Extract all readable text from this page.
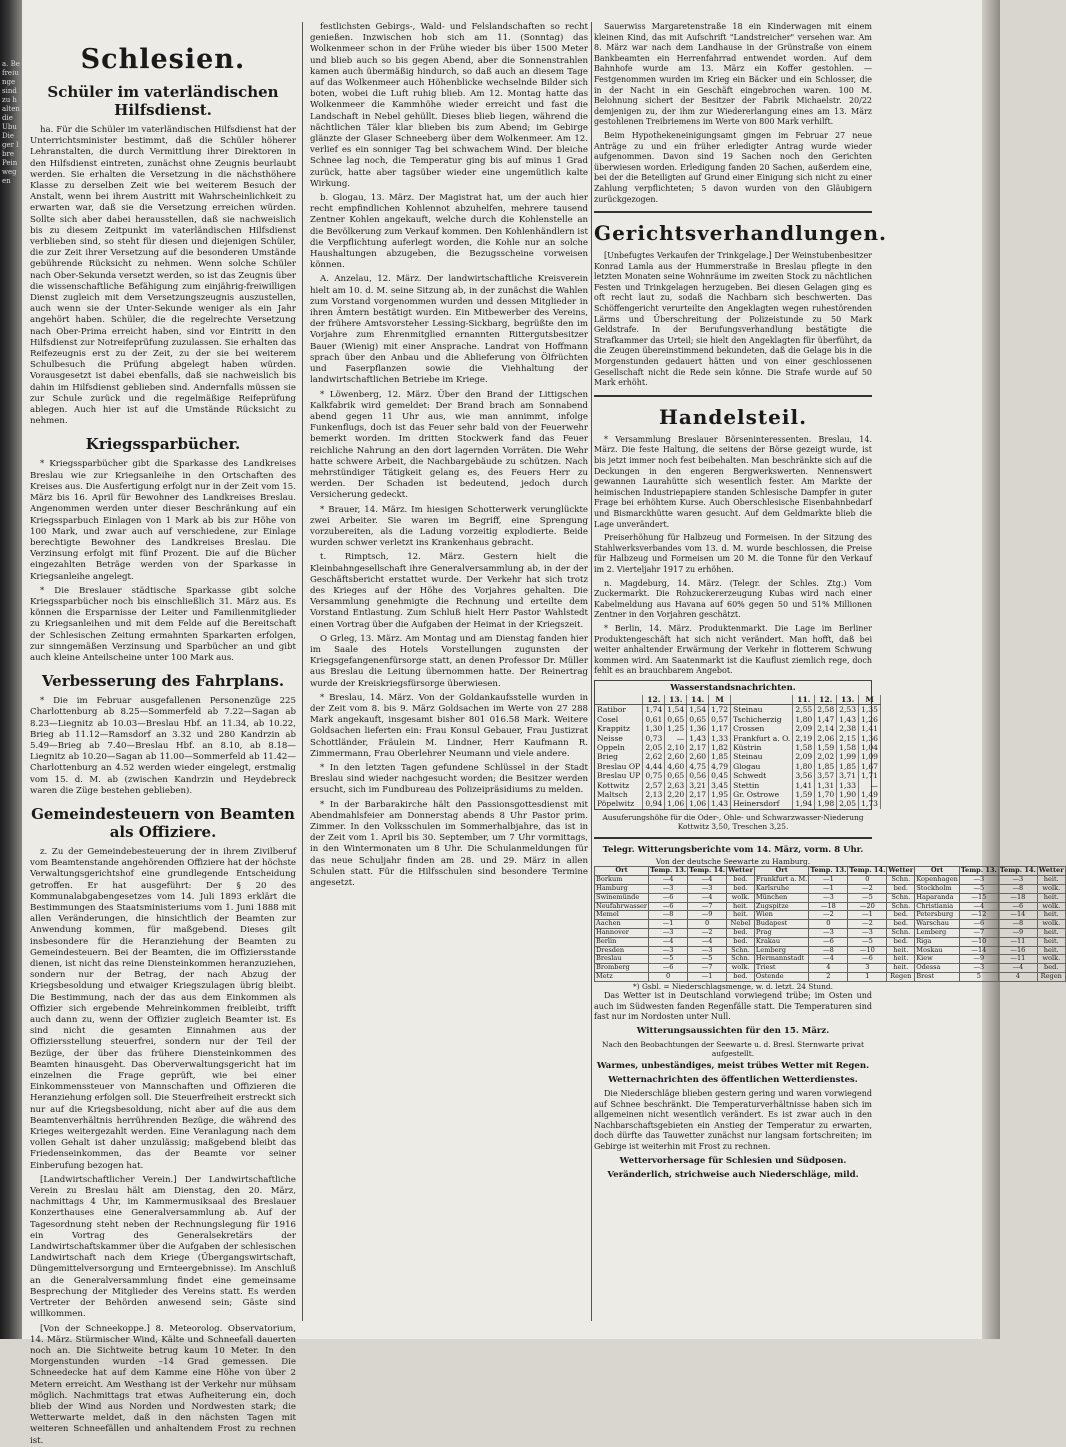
a. Befreiunge sind zu halten die Ubu Die ger lbre Pein wegen
Schlesien.
Schüler im vaterländischen Hilfsdienst.

ha. Für die Schüler im vaterländischen Hilfsdienst hat der Unterrichtsminister bestimmt, daß die Schüler höherer Lehranstalten, die durch Vermittlung ihrer Direktoren in den Hilfsdienst eintreten, zunächst ohne Zeugnis beurlaubt werden. Sie erhalten die Versetzung in die nächsthöhere Klasse zu derselben Zeit wie bei weiterem Besuch der Anstalt, wenn bei ihrem Austritt mit Wahrscheinlichkeit zu erwarten war, daß sie die Versetzung erreichen würden. Sollte sich aber dabei herausstellen, daß sie nachweislich bis zu diesem Zeitpunkt im vaterländischen Hilfsdienst verblieben sind, so steht für diesen und diejenigen Schüler, die zur Zeit ihrer Versetzung auf die besonderen Umstände gebührende Rücksicht zu nehmen. Wenn solche Schüler nach Ober-Sekunda versetzt werden, so ist das Zeugnis über die wissenschaftliche Befähigung zum einjährig-freiwilligen Dienst zugleich mit dem Versetzungszeugnis auszustellen, auch wenn sie der Unter-Sekunde weniger als ein Jahr angehört haben. Schüler, die die regelrechte Versetzung nach Ober-Prima erreicht haben, sind vor Eintritt in den Hilfsdienst zur Notreifeprüfung zuzulassen. Sie erhalten das Reifezeugnis erst zu der Zeit, zu der sie bei weiterem Schulbesuch die Prüfung abgelegt haben würden. Vorausgesetzt ist dabei ebenfalls, daß sie nachweislich bis dahin im Hilfsdienst geblieben sind. Andernfalls müssen sie zur Schule zurück und die regelmäßige Reifeprüfung ablegen. Auch hier ist auf die Umstände Rücksicht zu nehmen.

Kriegssparbücher.

* Kriegssparbücher gibt die Sparkasse des Landkreises Breslau wie zur Kriegsanleihe in den Ortschaften des Kreises aus. Die Ausfertigung erfolgt nur in der Zeit vom 15. März bis 16. April für Bewohner des Landkreises Breslau. Angenommen werden unter dieser Beschränkung auf ein Kriegssparbuch Einlagen von 1 Mark ab bis zur Höhe von 100 Mark, und zwar auch auf verschiedene, zur Einlage berechtigte Bewohner des Landkreises Breslau. Die Verzinsung erfolgt mit fünf Prozent. Die auf die Bücher eingezahlten Beträge werden von der Sparkasse in Kriegsanleihe angelegt.

* Die Breslauer städtische Sparkasse gibt solche Kriegssparbücher noch bis einschließlich 31. März aus. Es können die Ersparnisse der Leiter und Familienmitglieder zu Kriegsanleihen und mit dem Felde auf die Bereitschaft der Schlesischen Zeitung ermahnten Sparkarten erfolgen, zur sinngemäßen Verzinsung und Sparbücher an und gibt auch kleine Anteilscheine unter 100 Mark aus.

Verbesserung des Fahrplans.

* Die im Februar ausgefallenen Personenzüge 225 Charlottenburg ab 8.25—Sommerfeld ab 7.22—Sagan ab 8.23—Liegnitz ab 10.03—Breslau Hbf. an 11.34, ab 10.22, Brieg ab 11.12—Ramsdorf an 3.32 und 280 Kandrzin ab 5.49—Brieg ab 7.40—Breslau Hbf. an 8.10, ab 8.18—Liegnitz ab 10.20—Sagan ab 11.00—Sommerfeld ab 11.42—Charlottenburg an 4.52 werden wieder eingelegt, erstmalig vom 15. d. M. ab (zwischen Kandrzin und Heydebreck waren die Züge bestehen geblieben).

Gemeindesteuern von Beamten als Offiziere.

z. Zu der Gemeindebesteuerung der in ihrem Zivilberuf vom Beamtenstande angehörenden Offiziere hat der höchste Verwaltungsgerichtshof eine grundlegende Entscheidung getroffen. Er hat ausgeführt: Der § 20 des Kommunalabgabengesetzes vom 14. Juli 1893 erklärt die Bestimmungen des Staatsministeriums vom 1. Juni 1888 mit allen Veränderungen, die hinsichtlich der Beamten zur Anwendung kommen, für maßgebend. Dieses gilt insbesondere für die Heranziehung der Beamten zu Gemeindesteuern. Bei der Beamten, die im Offiziersstande dienen, ist nicht das reine Diensteinkommen heranzuziehen, sondern nur der Betrag, der nach Abzug der Kriegsbesoldung und etwaiger Kriegszulagen übrig bleibt. Die Bestimmung, nach der das aus dem Einkommen als Offizier sich ergebende Mehreinkommen freibleibt, trifft auch dann zu, wenn der Offizier zugleich Beamter ist. Es sind nicht die gesamten Einnahmen aus der Offiziersstellung steuerfrei, sondern nur der Teil der Bezüge, der über das frühere Diensteinkommen des Beamten hinausgeht. Das Oberverwaltungsgericht hat im einzelnen die Frage geprüft, wie bei einer Einkommenssteuer von Mannschaften und Offizieren die Heranziehung erfolgen soll. Die Steuerfreiheit erstreckt sich nur auf die Kriegsbesoldung, nicht aber auf die aus dem Beamtenverhältnis herrührenden Bezüge, die während des Krieges weitergezahlt werden. Eine Veranlagung nach dem vollen Gehalt ist daher unzulässig; maßgebend bleibt das Friedenseinkommen, das der Beamte vor seiner Einberufung bezogen hat.

[Landwirtschaftlicher Verein.] Der Landwirtschaftliche Verein zu Breslau hält am Dienstag, den 20. März, nachmittags 4 Uhr, im Kammermusiksaal des Breslauer Konzerthauses eine Generalversammlung ab. Auf der Tagesordnung steht neben der Rechnungslegung für 1916 ein Vortrag des Generalsekretärs der Landwirtschaftskammer über die Aufgaben der schlesischen Landwirtschaft nach dem Kriege (Übergangswirtschaft, Düngemittelversorgung und Ernteergebnisse). Im Anschluß an die Generalversammlung findet eine gemeinsame Besprechung der Mitglieder des Vereins statt. Es werden Vertreter der Behörden anwesend sein; Gäste sind willkommen.

[Von der Schneekoppe.] 8. Meteorolog. Observatorium, 14. März. Stürmischer Wind, Kälte und Schneefall dauerten noch an. Die Sichtweite betrug kaum 10 Meter. In den Morgenstunden wurden –14 Grad gemessen. Die Schneedecke hat auf dem Kamme eine Höhe von über 2 Metern erreicht. Am Westhang ist der Verkehr nur mühsam möglich. Nachmittags trat etwas Aufheiterung ein, doch blieb der Wind aus Norden und Nordwesten stark; die Wetterwarte meldet, daß in den nächsten Tagen mit weiteren Schneefällen und anhaltendem Frost zu rechnen ist.

festlichsten Gebirgs-, Wald- und Felslandschaften so recht genießen. Inzwischen hob sich am 11. (Sonntag) das Wolkenmeer schon in der Frühe wieder bis über 1500 Meter und blieb auch so bis gegen Abend, aber die Sonnenstrahlen kamen auch übermäßig hindurch, so daß auch an diesem Tage auf das Wolkenmeer auch Höhenblicke wechselnde Bilder sich boten, wobei die Luft ruhig blieb. Am 12. Montag hatte das Wolkenmeer die Kammhöhe wieder erreicht und fast die Landschaft in Nebel gehüllt. Dieses blieb liegen, während die nächtlichen Täler klar blieben bis zum Abend; im Gebirge glänzte der Glaser Schneeberg über dem Wolkenmeer. Am 12. verlief es ein sonniger Tag bei schwachem Wind. Der bleiche Schnee lag noch, die Temperatur ging bis auf minus 1 Grad zurück, hatte aber tagsüber wieder eine ungemütlich kalte Wirkung.

b. Glogau, 13. März. Der Magistrat hat, um der auch hier recht empfindlichen Kohlennot abzuhelfen, mehrere tausend Zentner Kohlen angekauft, welche durch die Kohlenstelle an die Bevölkerung zum Verkauf kommen. Den Kohlenhändlern ist die Verpflichtung auferlegt worden, die Kohle nur an solche Haushaltungen abzugeben, die Bezugsscheine vorweisen können.

A. Anzelau, 12. März. Der landwirtschaftliche Kreisverein hielt am 10. d. M. seine Sitzung ab, in der zunächst die Wahlen zum Vorstand vorgenommen wurden und dessen Mitglieder in ihren Ämtern bestätigt wurden. Ein Mitbewerber des Vereins, der frühere Amtsvorsteher Lessing-Sickbarg, begrüßte den im Vorjahre zum Ehrenmitglied ernannten Rittergutsbesitzer Bauer (Wienig) mit einer Ansprache. Landrat von Hoffmann sprach über den Anbau und die Ablieferung von Ölfrüchten und Faserpflanzen sowie die Viehhaltung der landwirtschaftlichen Betriebe im Kriege.

* Löwenberg, 12. März. Über den Brand der Littigschen Kalkfabrik wird gemeldet: Der Brand brach am Sonnabend abend gegen 11 Uhr aus, wie man annimmt, infolge Funkenflugs, doch ist das Feuer sehr bald von der Feuerwehr bemerkt worden. Im dritten Stockwerk fand das Feuer reichliche Nahrung an den dort lagernden Vorräten. Die Wehr hatte schwere Arbeit, die Nachbargebäude zu schützen. Nach mehrstündiger Tätigkeit gelang es, des Feuers Herr zu werden. Der Schaden ist bedeutend, jedoch durch Versicherung gedeckt.

* Brauer, 14. März. Im hiesigen Schotterwerk verunglückte zwei Arbeiter. Sie waren im Begriff, eine Sprengung vorzubereiten, als die Ladung vorzeitig explodierte. Beide wurden schwer verletzt ins Krankenhaus gebracht.

t. Rimptsch, 12. März. Gestern hielt die Kleinbahngesellschaft ihre Generalversammlung ab, in der der Geschäftsbericht erstattet wurde. Der Verkehr hat sich trotz des Krieges auf der Höhe des Vorjahres gehalten. Die Versammlung genehmigte die Rechnung und erteilte dem Vorstand Entlastung. Zum Schluß hielt Herr Pastor Wahlstedt einen Vortrag über die Aufgaben der Heimat in der Kriegszeit.

O Grleg, 13. März. Am Montag und am Dienstag fanden hier im Saale des Hotels Vorstellungen zugunsten der Kriegsgefangenenfürsorge statt, an denen Professor Dr. Müller aus Breslau die Leitung übernommen hatte. Der Reinertrag wurde der Kreiskriegsfürsorge überwiesen.

* Breslau, 14. März. Von der Goldankaufsstelle wurden in der Zeit vom 8. bis 9. März Goldsachen im Werte von 27 288 Mark angekauft, insgesamt bisher 801 016.58 Mark. Weitere Goldsachen lieferten ein: Frau Konsul Gebauer, Frau Justizrat Schottländer, Fräulein M. Lindner, Herr Kaufmann R. Zimmermann, Frau Oberlehrer Neumann und viele andere.

* In den letzten Tagen gefundene Schlüssel in der Stadt Breslau sind wieder nachgesucht worden; die Besitzer werden ersucht, sich im Fundbureau des Polizeipräsidiums zu melden.

* In der Barbarakirche hält den Passionsgottesdienst mit Abendmahlsfeier am Donnerstag abends 8 Uhr Pastor prim. Zimmer. In den Volksschulen im Sommerhalbjahre, das ist in der Zeit vom 1. April bis 30. September, um 7 Uhr vormittags, in den Wintermonaten um 8 Uhr. Die Schulanmeldungen für das neue Schuljahr finden am 28. und 29. März in allen Schulen statt. Für die Hilfsschulen sind besondere Termine angesetzt.

Sauerwiss Margaretenstraße 18 ein Kinderwagen mit einem kleinen Kind, das mit Aufschrift "Landstreicher" versehen war. Am 8. März war nach dem Landhause in der Grünstraße von einem Bankbeamten ein Herrenfahrrad entwendet worden. Auf dem Bahnhofe wurde am 13. März ein Koffer gestohlen. — Festgenommen wurden im Krieg ein Bäcker und ein Schlosser, die in der Nacht in ein Geschäft eingebrochen waren. 100 M. Belohnung sichert der Besitzer der Fabrik Michaelstr. 20/22 demjenigen zu, der ihm zur Wiedererlangung eines am 13. März gestohlenen Treibriemens im Werte von 800 Mark verhilft.

Beim Hypothekeneinigungsamt gingen im Februar 27 neue Anträge zu und ein früher erledigter Antrag wurde wieder aufgenommen. Davon sind 19 Sachen noch den Gerichten überwiesen worden. Erledigung fanden 20 Sachen, außerdem eine, bei der die Beteiligten auf Grund einer Einigung sich nicht zu einer Zahlung verpflichteten; 5 davon wurden von den Gläubigern zurückgezogen.

Gerichtsverhandlungen.

[Unbefugtes Verkaufen der Trinkgelage.] Der Weinstubenbesitzer Konrad Lamla aus der Hummerstraße in Breslau pflegte in den letzten Monaten seine Wohnräume im zweiten Stock zu nächtlichen Festen und Trinkgelagen herzugeben. Bei diesen Gelagen ging es oft recht laut zu, sodaß die Nachbarn sich beschwerten. Das Schöffengericht verurteilte den Angeklagten wegen ruhestörenden Lärms und Überschreitung der Polizeistunde zu 50 Mark Geldstrafe. In der Berufungsverhandlung bestätigte die Strafkammer das Urteil; sie hielt den Angeklagten für überführt, da die Zeugen übereinstimmend bekundeten, daß die Gelage bis in die Morgenstunden gedauert hätten und von einer geschlossenen Gesellschaft nicht die Rede sein könne. Die Strafe wurde auf 50 Mark erhöht.

Handelsteil.

* Versammlung Breslauer Börseninteressenten. Breslau, 14. März. Die feste Haltung, die seitens der Börse gezeigt wurde, ist bis jetzt immer noch fest beibehalten. Man beschränkte sich auf die Deckungen in den engeren Bergwerkswerten. Nennenswert gewannen Laurahütte sich wesentlich fester. Am Markte der heimischen Industriepapiere standen Schlesische Dampfer in guter Frage bei erhöhtem Kurse. Auch Oberschlesische Eisenbahnbedarf und Bismarckhütte waren gesucht. Auf dem Geldmarkte blieb die Lage unverändert.

Preiserhöhung für Halbzeug und Formeisen. In der Sitzung des Stahlwerksverbandes vom 13. d. M. wurde beschlossen, die Preise für Halbzeug und Formeisen um 20 M. die Tonne für den Verkauf im 2. Vierteljahr 1917 zu erhöhen.

n. Magdeburg, 14. März. (Telegr. der Schles. Ztg.) Vom Zuckermarkt. Die Rohzuckererzeugung Kubas wird nach einer Kabelmeldung aus Havana auf 60% gegen 50 und 51% Millionen Zentner in den Vorjahren geschätzt.

* Berlin, 14. März. Produktenmarkt. Die Lage im Berliner Produktengeschäft hat sich nicht verändert. Man hofft, daß bei weiter anhaltender Erwärmung der Verkehr in flotterem Schwung kommen wird. Am Saatenmarkt ist die Kauflust ziemlich rege, doch fehlt es an brauchbarem Angebot.

Wasserstandsnachrichten.
	12.	13.	14.	M		11.	12.	13.	M
Ratibor	1,74	1,54	1,54	1,72	Steinau	2,55	2,58	2,53	1,35
Cosel	0,61	0,65	0,65	0,57	Tschicherzig	1,80	1,47	1,43	1,26
Krappitz	1,30	1,25	1,36	1,17	Crossen	2,09	2,14	2,38	1,41
Neisse	0,73	—	1,43	1,33	Frankfurt a. O.	2,19	2,06	2,15	1,36
Oppeln	2,05	2,10	2,17	1,82	Küstrin	1,58	1,59	1,58	1,04
Brieg	2,62	2,60	2,60	1,85	Steinau	2,09	2,02	1,99	1,09
Breslau OP	4,44	4,60	4,75	4,79	Glogau	1,80	1,85	1,85	1,67
Breslau UP	0,75	0,65	0,56	0,45	Schwedt	3,56	3,57	3,71	1,71
Kottwitz	2,57	2,63	3,21	3,45	Stettin	1,41	1,31	1,33	—
Maltsch	2,13	2,20	2,17	1,95	Gr. Ostrowe	1,59	1,70	1,90	1,49
Pöpelwitz	0,94	1,06	1,06	1,43	Heinersdorf	1,94	1,98	2,05	1,73
Ausuferungshöhe für die Oder-, Ohle- und Schwarzwasser-Niederung
Kottwitz 3,50, Treschen 3,25.
Telegr. Witterungsberichte vom 14. März, vorm. 8 Uhr.
Von der deutsche Seewarte zu Hamburg.
Ort	Temp. 13.	Temp. 14.	Wetter	Ort	Temp. 13.	Temp. 14.	Wetter	Ort	Temp. 13.	Temp. 14.	Wetter
Borkum	—4	—4	bed.	Frankfurt a. M.	—1	0	Schn.	Kopenhagen	—3	—3	heit.
Hamburg	—3	—3	bed.	Karlsruhe	—1	—2	bed.	Stockholm	—5	—8	wolk.
Swinemünde	—6	—4	wolk.	München	—3	—5	Schn.	Haparanda	—15	—18	heit.
Neufahrwasser	—6	—7	heit.	Zugspitze	—18	—20	Schn.	Christiania	—4	—6	wolk.
Memel	—8	—9	heit.	Wien	—2	—1	bed.	Petersburg	—12	—14	heit.
Aachen	—1	0	Nebel	Budapest	0	—2	bed.	Warschau	—6	—8	wolk.
Hannover	—3	—2	bed.	Prag	—3	—3	Schn.	Lemberg	—7	—9	heit.
Berlin	—4	—4	bed.	Krakau	—6	—5	bed.	Riga	—10	—11	heit.
Dresden	—3	—3	Schn.	Lemberg	—8	—10	heit.	Moskau	—14	—16	heit.
Breslau	—5	—5	Schn.	Hermannstadt	—4	—6	heit.	Kiew	—9	—11	wolk.
Bromberg	—6	—7	wolk.	Triest	4	3	heit.	Odessa	—3	—4	bed.
Metz	0	—1	bed.	Ostende	2	1	Regen	Brest	5	4	Regen
*) Gsbl. = Niederschlagsmenge, w. d. letzt. 24 Stund.

Das Wetter ist in Deutschland vorwiegend trübe; im Osten und auch im Südwesten fanden Regenfälle statt. Die Temperaturen sind fast nur im Nordosten unter Null.

Witterungsaussichten für den 15. März.
Nach den Beobachtungen der Seewarte u. d. Bresl. Sternwarte privat aufgestellt.
Warmes, unbeständiges, meist trübes Wetter mit Regen.
Wetternachrichten des öffentlichen Wetterdienstes.

Die Niederschläge blieben gestern gering und waren vorwiegend auf Schnee beschränkt. Die Temperaturverhältnisse haben sich im allgemeinen nicht wesentlich verändert. Es ist zwar auch in den Nachbarschaftsgebieten ein Anstieg der Temperatur zu erwarten, doch dürfte das Tauwetter zunächst nur langsam fortschreiten; im Gebirge ist weiterhin mit Frost zu rechnen.

Wettervorhersage für Schlesien und Südposen.
Veränderlich, strichweise auch Niederschläge, mild.
